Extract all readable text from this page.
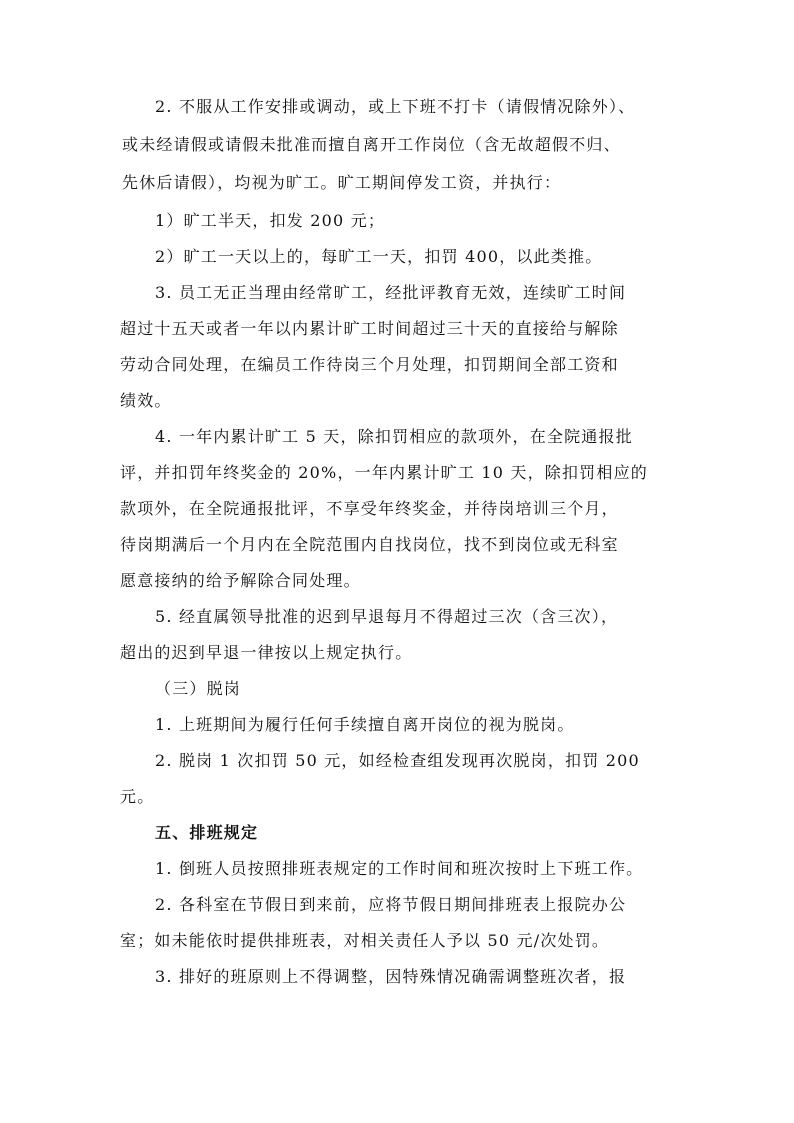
2. 不服从工作安排或调动，或上下班不打卡（请假情况除外）、
或未经请假或请假未批准而擅自离开工作岗位（含无故超假不归、
先休后请假），均视为旷工。旷工期间停发工资，并执行：
1）旷工半天，扣发 200 元；
2）旷工一天以上的，每旷工一天，扣罚 400，以此类推。
3. 员工无正当理由经常旷工，经批评教育无效，连续旷工时间
超过十五天或者一年以内累计旷工时间超过三十天的直接给与解除
劳动合同处理，在编员工作待岗三个月处理，扣罚期间全部工资和
绩效。
4. 一年内累计旷工 5 天，除扣罚相应的款项外，在全院通报批
评，并扣罚年终奖金的 20%，一年内累计旷工 10 天，除扣罚相应的
款项外，在全院通报批评，不享受年终奖金，并待岗培训三个月，
待岗期满后一个月内在全院范围内自找岗位，找不到岗位或无科室
愿意接纳的给予解除合同处理。
5. 经直属领导批准的迟到早退每月不得超过三次（含三次），
超出的迟到早退一律按以上规定执行。
（三）脱岗
1. 上班期间为履行任何手续擅自离开岗位的视为脱岗。
2. 脱岗 1 次扣罚 50 元，如经检查组发现再次脱岗，扣罚 200
元。
五、排班规定
1. 倒班人员按照排班表规定的工作时间和班次按时上下班工作。
2. 各科室在节假日到来前，应将节假日期间排班表上报院办公
室；如未能依时提供排班表，对相关责任人予以 50 元/次处罚。
3. 排好的班原则上不得调整，因特殊情况确需调整班次者，报
